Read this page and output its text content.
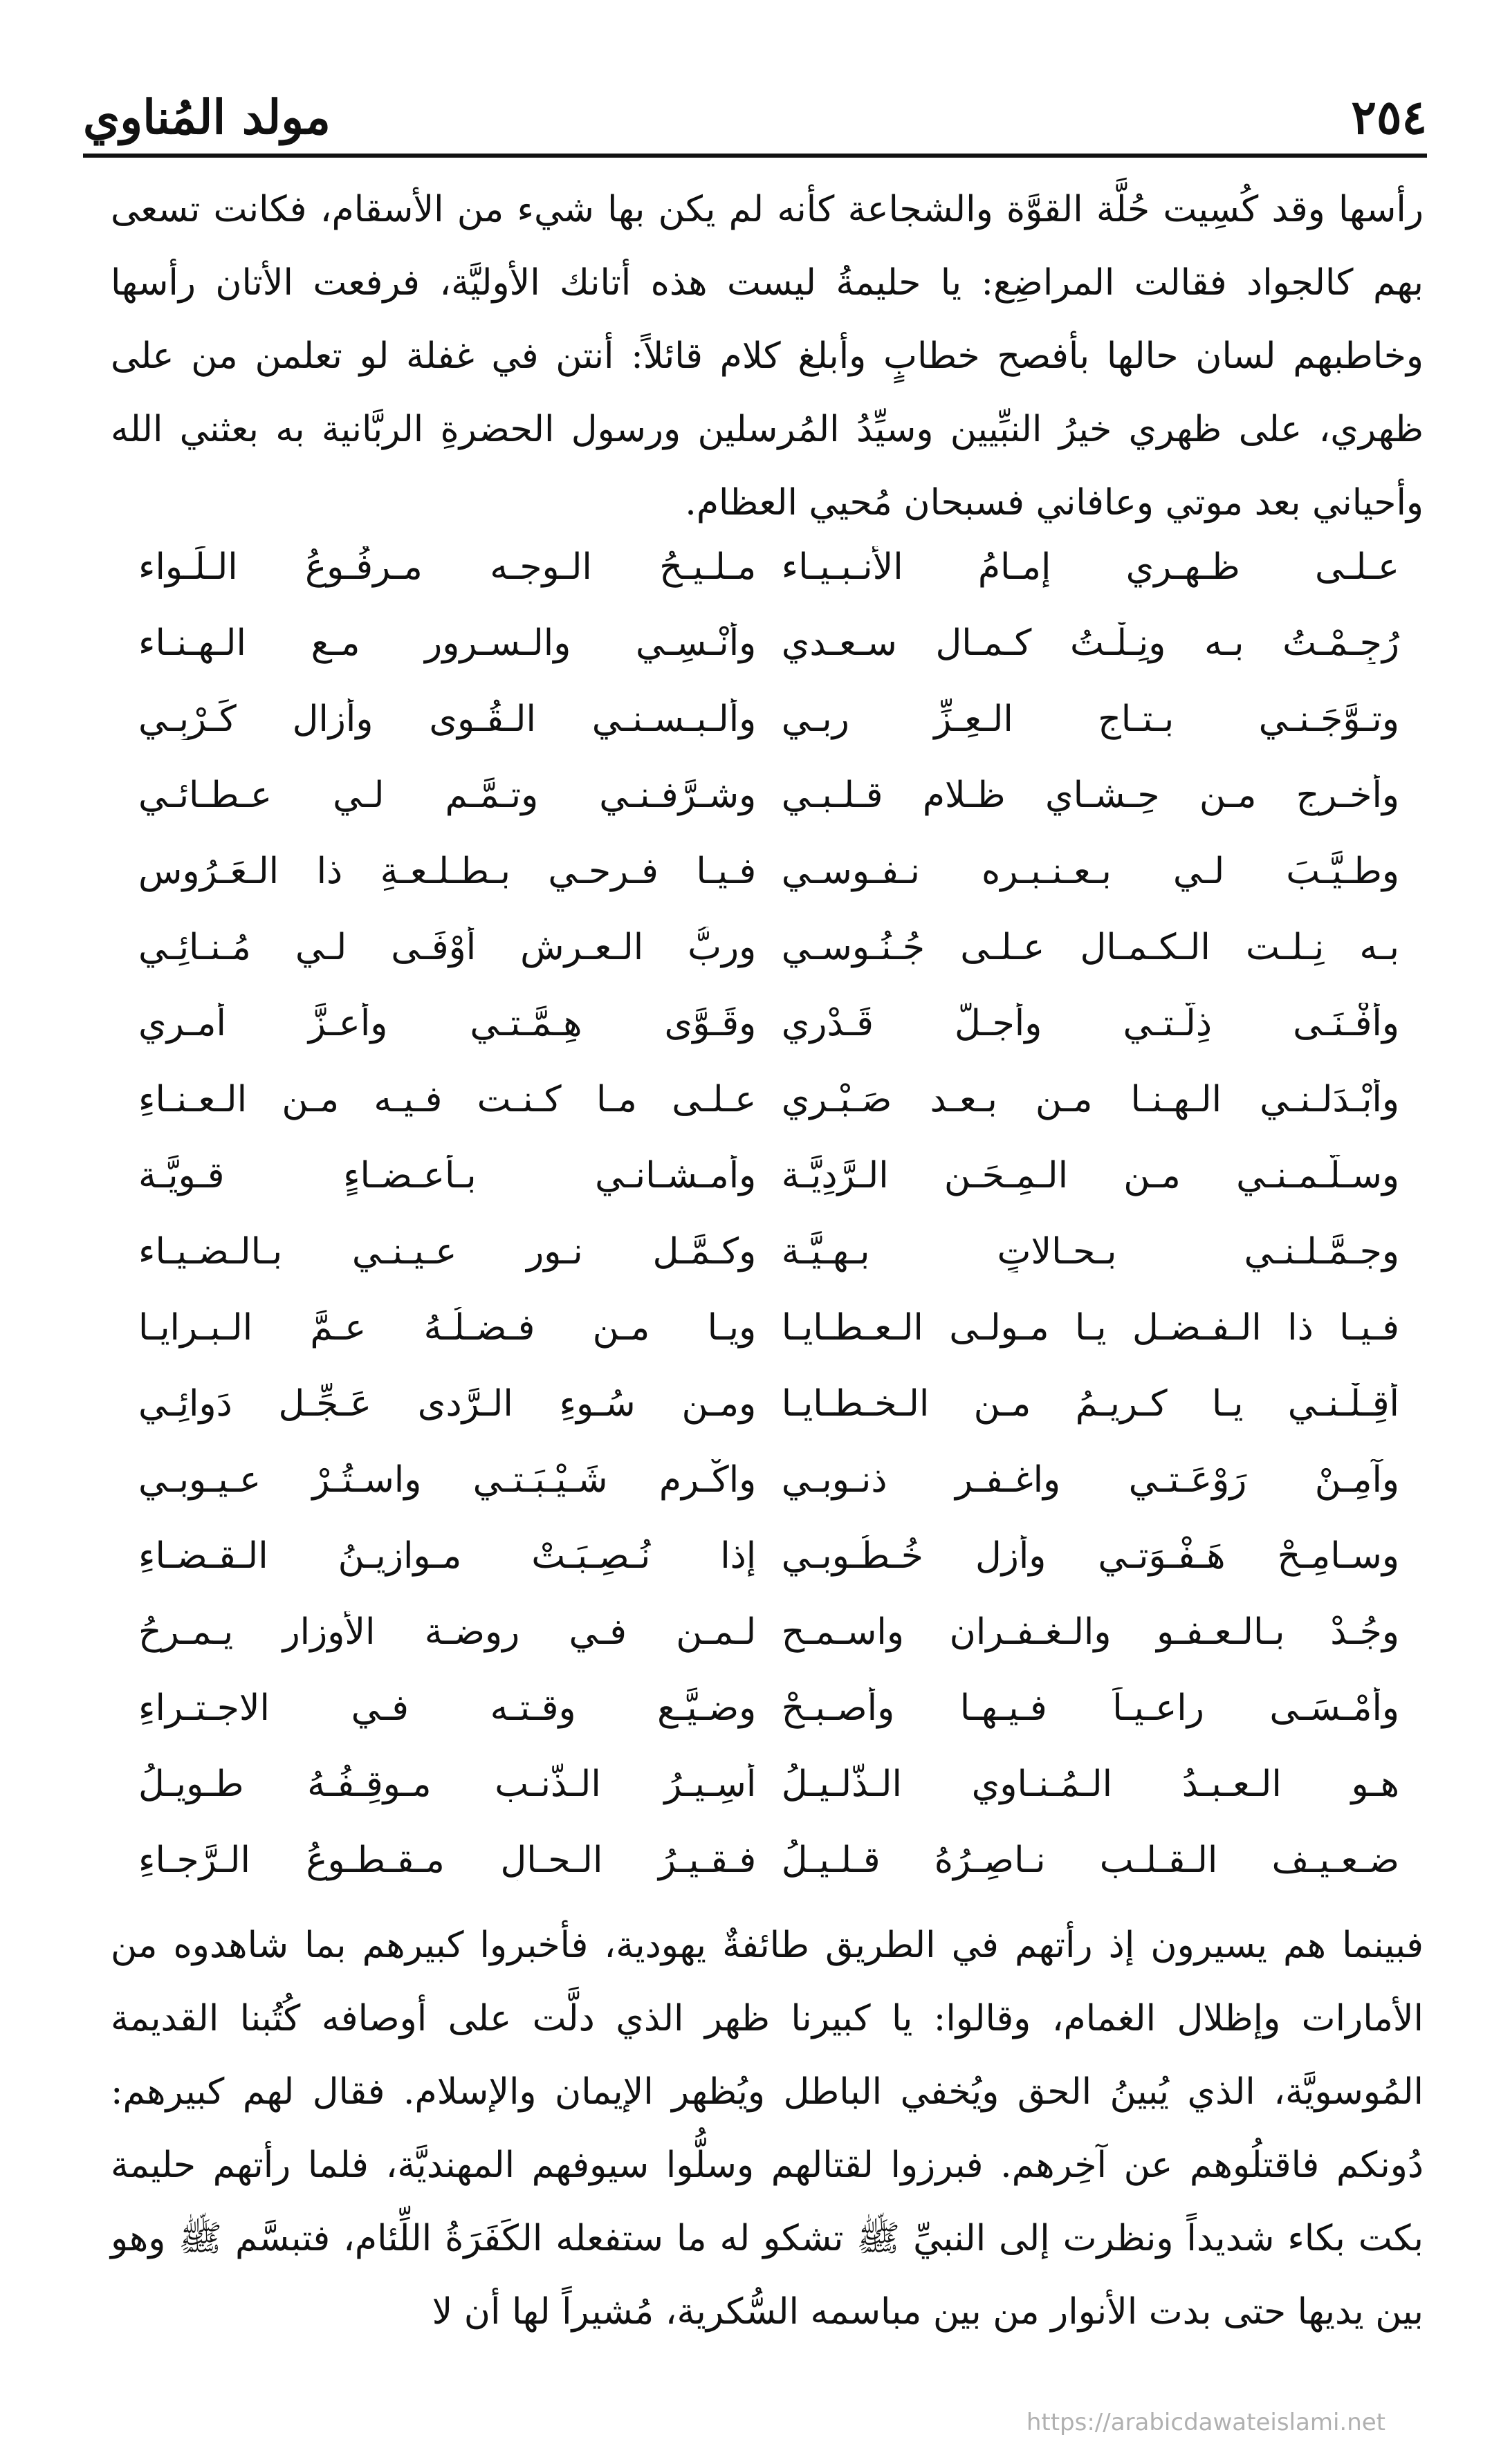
٢٥٤
مولد المُناوي

رأسها وقد كُسِيت حُلَّة القوَّة والشجاعة كأنه لم يكن بها شيء من الأسقام، فكانت تسعى بهم كالجواد فقالت المراضِع: يا حليمةُ ليست هذه أتانك الأوليَّة، فرفعت الأتان رأسها وخاطبهم لسان حالها بأفصح خطابٍ وأبلغ كلام قائلاً: أنتن في غفلة لو تعلمن من على ظهري، على ظهري خيرُ النبِّيين وسيِّدُ المُرسلين ورسول الحضرةِ الربَّانية به بعثني الله وأحياني بعد موتي وعافاني فسبحان مُحيي العظام.

عـلـى ظـهـري إمـامُ الأنـبـيـاء
مـلـيـحُ الـوجـه مـرفُـوعُ الـلِّـواء
رُجِـمْـتُ بـه ونِـلْـتُ كـمـال سـعـدي
وأُنْـسِـي والـسـرور مـع الـهـنـاء
وتـوَّجَـنـي بـتـاجِ الـعِـزِّ ربـي
وألـبـسـنـي الـقُـوى وأزال كَـرْبِـي
وأخـرج مـن حِـشـاي ظـلام قـلـبـي
وشـرَّفـنـي وتـمَّـم لـي عـطـائـي
وطـيَّـبَ لـي بـعـنـبـرِه نـفـوسـي
فـيـا فـرحـي بـطـلـعـةِ ذا الـعَـرُوسِ
بـه نِـلـت الـكـمـال عـلـى جُـنُـوسـي
وربُّ الـعـرش أوْفَـى لـي مُـنـائِـي
وأفْـنَـى ذِلَّـتـي وأجـلَّ قَـدْرِي
وقَـوَّى هِـمَّـتـي وأعـزَّ أمـري
وأبْـدَلـنـي الـهـنـا مـن بـعـد صَـبْـري
عـلـى مـا كـنـت فـيـه مـن الـعـنـاءِ
وسـلَّـمـنـي مـن الـمِـحَـنِ الـرَّدِيَّـة
وأمـشـانـي بـأعـضـاءٍ قـويَّـة
وجـمَّـلـنـي بـحـالاتٍ بـهِـيَّـة
وكـمَّـل نـور عـيـنـي بـالـضـيـاء
فـيـا ذا الـفـضـل يـا مـولـى الـعـطـايـا
ويـا مـن فـضـلُـهُ عـمَّ الـبـرايـا
أقِـلْـنـي يـا كـريـمُ مـن الـخـطـايـا
ومـن سُـوءِ الـرَّدى عَـجِّـل دَوائِـي
وآمِـنْ رَوْعَـتـي واغـفـر ذنـوبـي
واكْـرِم شَـيْـبَـتـي واسـتُـرْ عـيـوبـي
وسـامِـحْ هَـفْـوَتـي وأزل خُـطُـوبـي
إذا نُـصِـبَـتْ مـوازيـنُ الـقـضـاءِ
وجُـدْ بـالـعـفـوِ والـغـفـران واسـمـح
لـمـن فـي روضـة الأوزار يـمـرحُ
وأمْـسَـى راعـيـاً فـيـهـا وأصـبـحْ
وضـيَّـع وقـتـه فـي الاجـتـراءِ
هـو الـعـبـدُ الـمُـنـاوي الـذَّلـيـلُ
أسِـيـرُ الـذَّنـب مـوقِـفُـهُ طـويـلُ
ضـعـيـف الـقـلـب نـاصِـرُهُ قـلـيـلُ
فـقـيـرُ الـحـالِ مـقـطـوعُ الـرَّجـاءِ

فبينما هم يسيرون إذ رأتهم في الطريق طائفةٌ يهودية، فأخبروا كبيرهم بما شاهدوه من الأمارات وإظلال الغمام، وقالوا: يا كبيرنا ظهر الذي دلَّت على أوصافه كُتُبنا القديمة المُوسويَّة، الذي يُبينُ الحق ويُخفي الباطل ويُظهر الإيمان والإسلام. فقال لهم كبيرهم: دُونكم فاقتلُوهم عن آخِرهم. فبرزوا لقتالهم وسلُّوا سيوفهم المهنديَّة، فلما رأتهم حليمة بكت بكاء شديداً ونظرت إلى النبيِّ ﷺ تشكو له ما ستفعله الكَفَرَةُ اللِّئام، فتبسَّم ﷺ وهو بين يديها حتى بدت الأنوار من بين مباسمه السُّكرية، مُشيراً لها أن لا

https://arabicdawateislami.net
